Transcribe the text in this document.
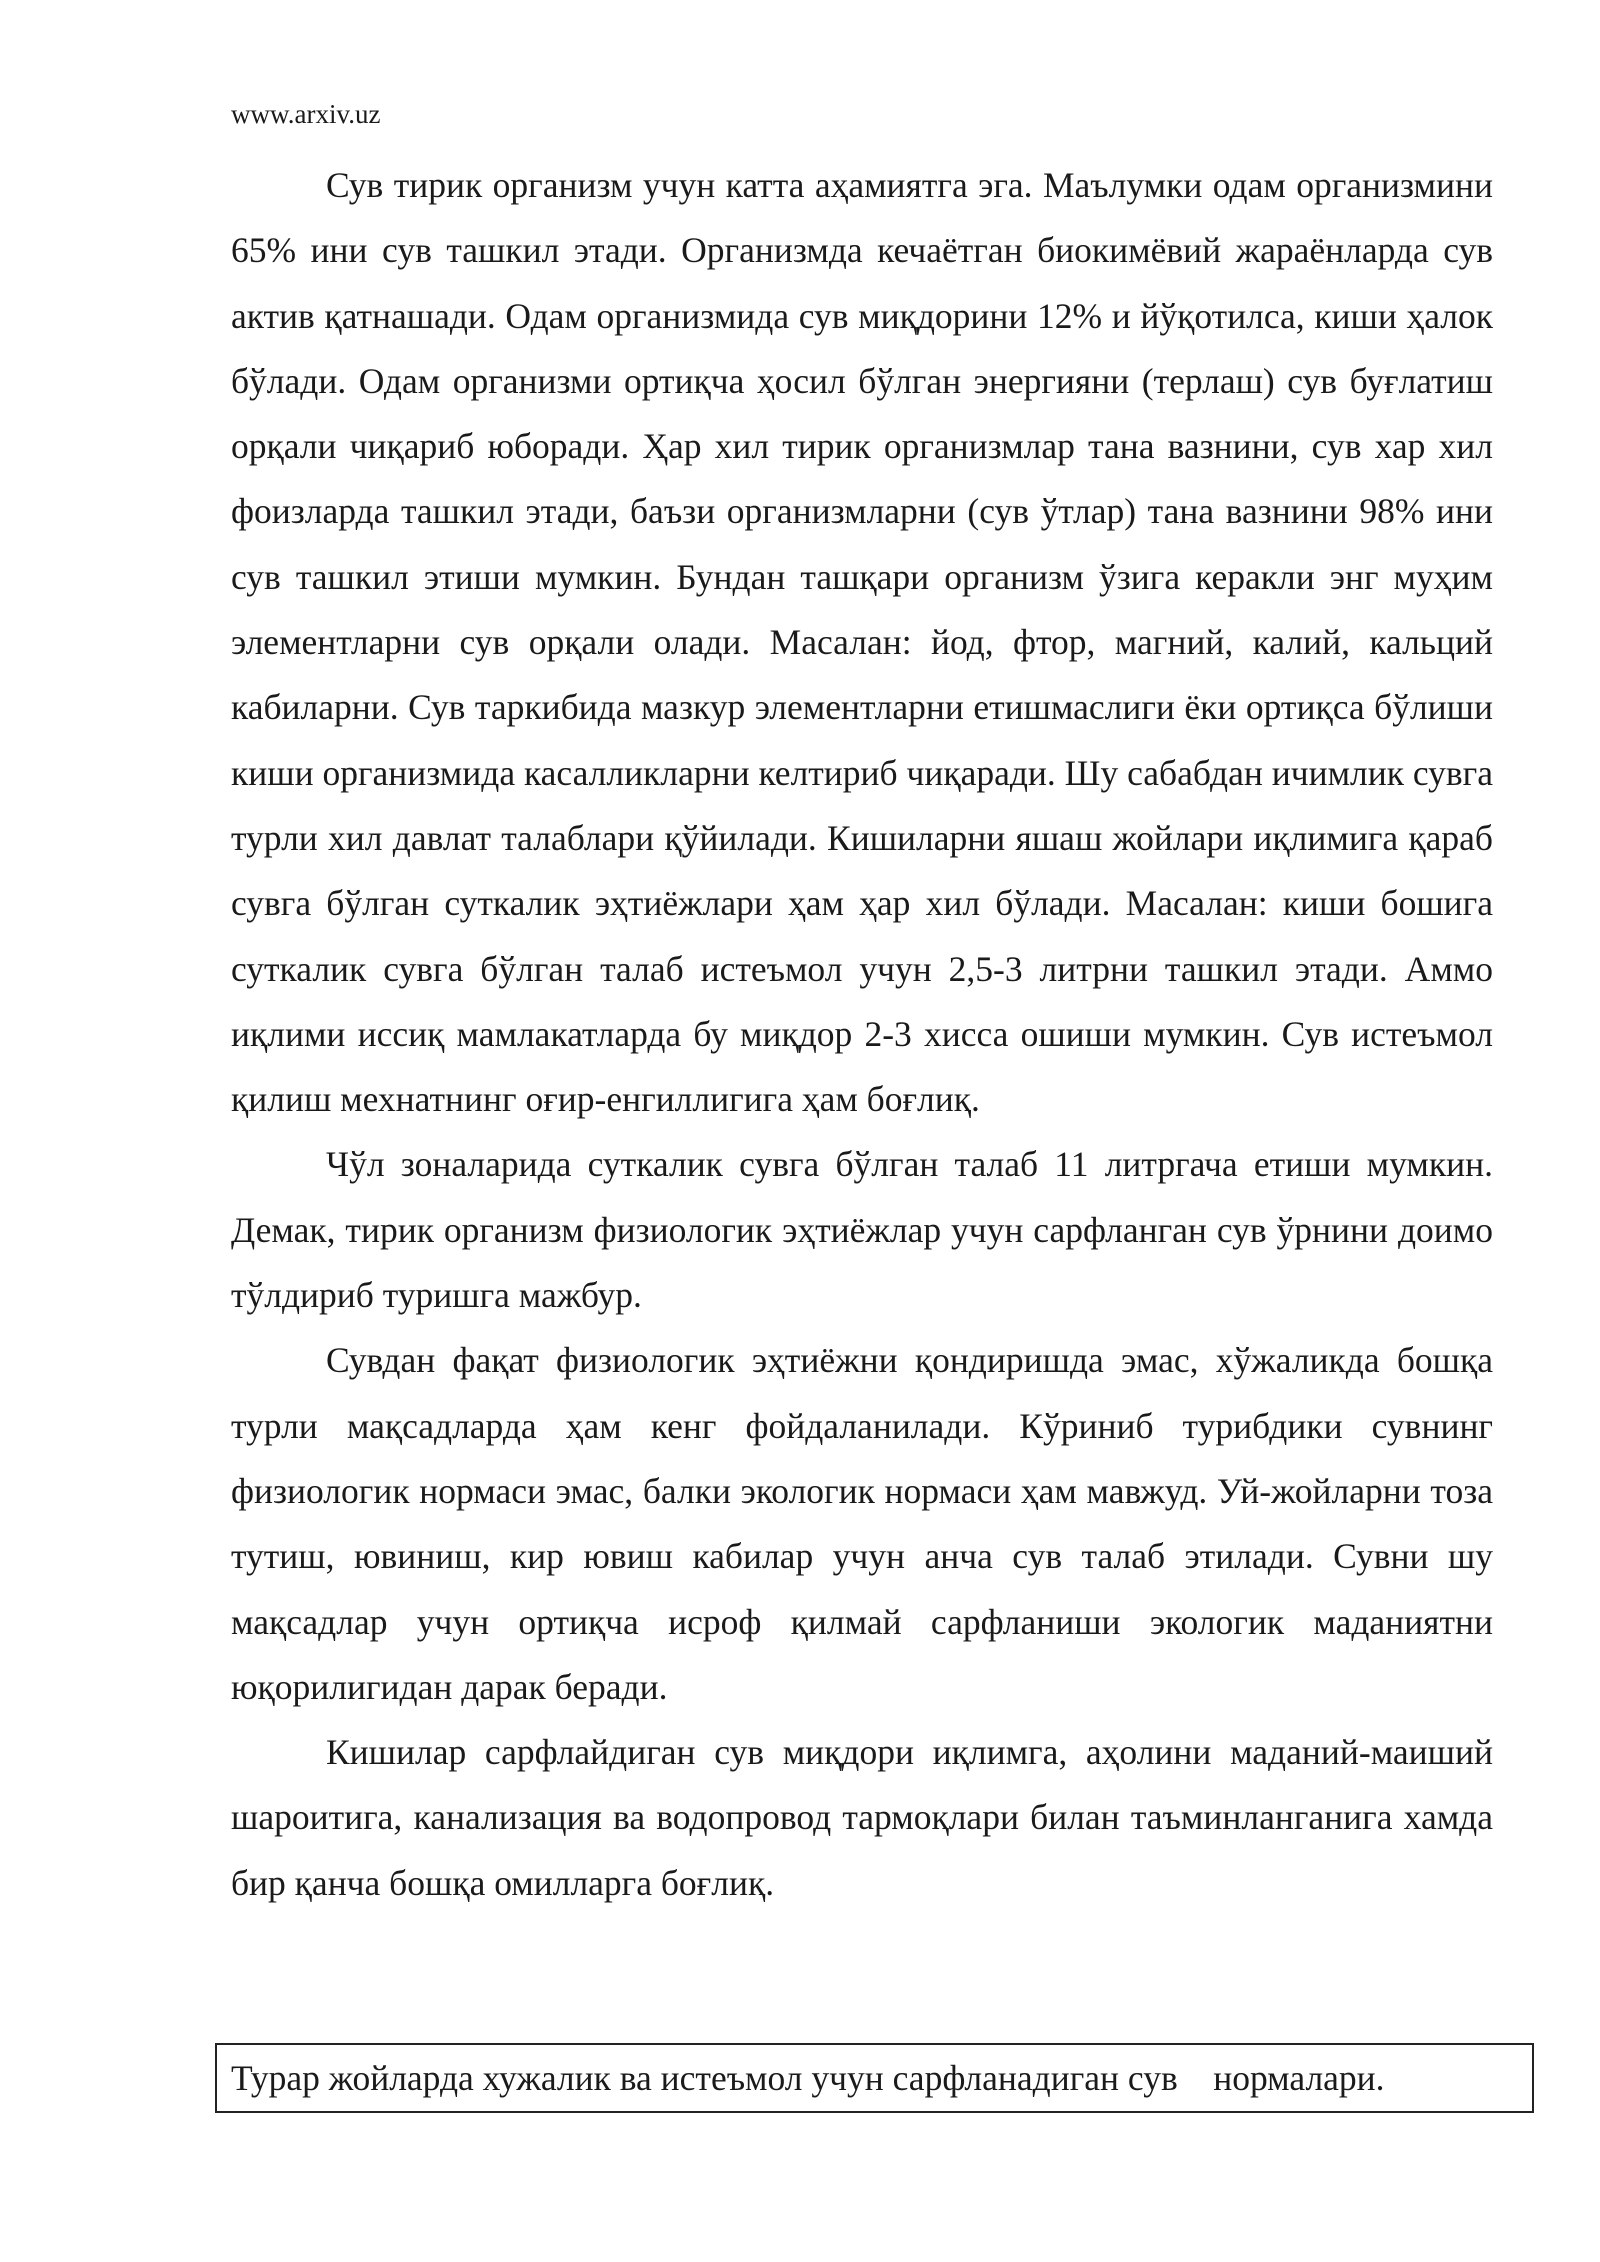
www.arxiv.uz

Сув тирик организм учун катта аҳамиятга эга. Маълумки одам организмини 65% ини сув ташкил этади. Организмда кечаётган биокимёвий жараёнларда сув актив қатнашади. Одам организмида сув миқдорини 12% и йўқотилса, киши ҳалок бўлади. Одам организми ортиқча ҳосил бўлган энергияни (терлаш) сув буғлатиш орқали чиқариб юборади. Ҳар хил тирик организмлар тана вазнини, сув хар хил фоизларда ташкил этади, баъзи организмларни (сув ўтлар) тана вазнини 98% ини сув ташкил этиши мумкин. Бундан ташқари организм ўзига керакли энг муҳим элементларни сув орқали олади. Масалан: йод, фтор, магний, калий, кальций кабиларни. Сув таркибида мазкур элементларни етишмаслиги ёки ортиқса бўлиши киши организмида касалликларни келтириб чиқаради. Шу сабабдан ичимлик сувга турли хил давлат талаблари қўйилади. Кишиларни яшаш жойлари иқлимига қараб сувга бўлган суткалик эҳтиёжлари ҳам ҳар хил бўлади. Масалан: киши бошига суткалик сувга бўлган талаб истеъмол учун 2,5-3 литрни ташкил этади. Аммо иқлими иссиқ мамлакатларда бу миқдор 2-3 хисса ошиши мумкин. Сув истеъмол қилиш мехнатнинг оғир-енгиллигига ҳам боғлиқ.

Чўл зоналарида суткалик сувга бўлган талаб 11 литргача етиши мумкин. Демак, тирик организм физиологик эҳтиёжлар учун сарфланган сув ўрнини доимо тўлдириб туришга мажбур.

Сувдан фақат физиологик эҳтиёжни қондиришда эмас, хўжаликда бошқа турли мақсадларда ҳам кенг фойдаланилади. Кўриниб турибдики сувнинг физиологик нормаси эмас, балки экологик нормаси ҳам мавжуд. Уй-жойларни тоза тутиш, ювиниш, кир ювиш кабилар учун анча сув талаб этилади. Сувни шу мақсадлар учун ортиқча исроф қилмай сарфланиши экологик маданиятни юқорилигидан дарак беради.

Кишилар сарфлайдиган сув миқдори иқлимга, аҳолини маданий-маиший шароитига, канализация ва водопровод тармоқлари билан таъминланганига хамда бир қанча бошқа омилларга боғлиқ.

Турар жойларда хужалик ва истеъмол учун сарфланадиган сув    нормалари.
